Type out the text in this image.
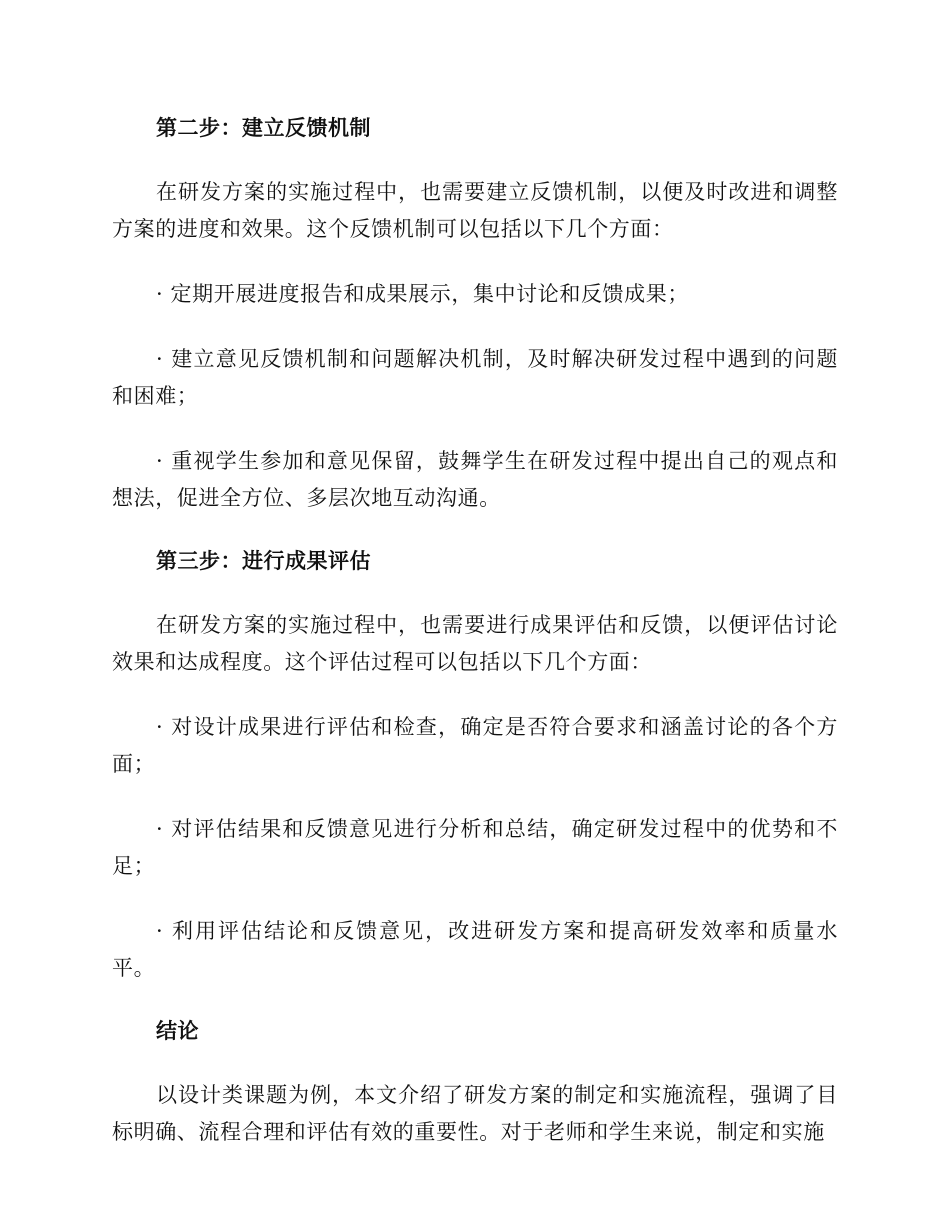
第二步：建立反馈机制

在研发方案的实施过程中，也需要建立反馈机制，以便及时改进和调整方案的进度和效果。这个反馈机制可以包括以下几个方面：

· 定期开展进度报告和成果展示，集中讨论和反馈成果；

· 建立意见反馈机制和问题解决机制，及时解决研发过程中遇到的问题和困难；

· 重视学生参加和意见保留，鼓舞学生在研发过程中提出自己的观点和想法，促进全方位、多层次地互动沟通。

第三步：进行成果评估

在研发方案的实施过程中，也需要进行成果评估和反馈，以便评估讨论效果和达成程度。这个评估过程可以包括以下几个方面：

· 对设计成果进行评估和检查，确定是否符合要求和涵盖讨论的各个方面；

· 对评估结果和反馈意见进行分析和总结，确定研发过程中的优势和不足；

· 利用评估结论和反馈意见，改进研发方案和提高研发效率和质量水平。

结论

以设计类课题为例，本文介绍了研发方案的制定和实施流程，强调了目标明确、流程合理和评估有效的重要性。对于老师和学生来说，制定和实施
